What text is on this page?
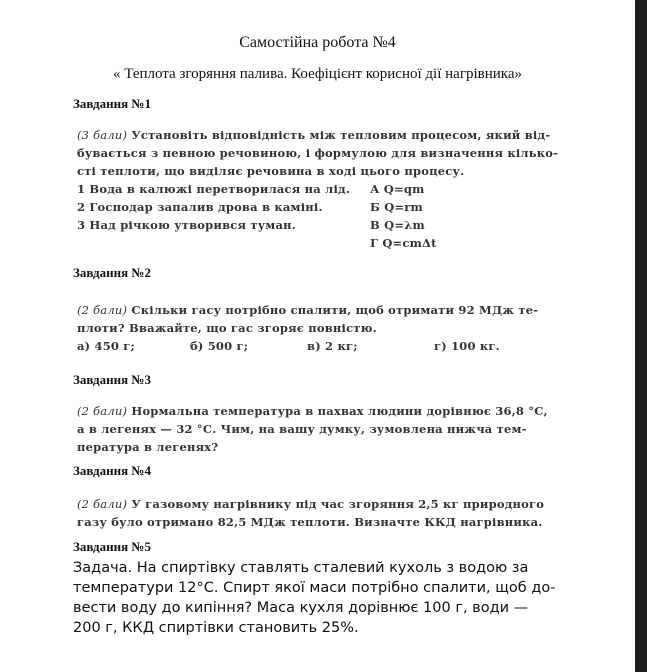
Самостійна робота №4
« Теплота згоряння палива. Коефіцієнт корисної дії нагрівника»
Завдання №1
(3 бали) Установіть відповідність між тепловим процесом, який від-
бувається з певною речовиною, і формулою для визначення кілько-
сті теплоти, що виділяє речовина в ході цього процесу.
1 Вода в калюжі перетворилася на лід.	А Q=qm
2 Господар запалив дрова в каміні.	Б Q=rm
3 Над річкою утворився туман.	В Q=λm
Г Q=cmΔt
Завдання №2
(2 бали) Скільки гасу потрібно спалити, щоб отримати 92 МДж те-
плоти? Вважайте, що гас згоряє повністю.
а) 450 г;	б) 500 г;	в) 2 кг;	г) 100 кг.
Завдання №3
(2 бали) Нормальна температура в пахвах людини дорівнює 36,8 °С,
а в легенях — 32 °С. Чим, на вашу думку, зумовлена нижча тем-
пература в легенях?
Завдання №4
(2 бали) У газовому нагрівнику під час згоряння 2,5 кг природного
газу було отримано 82,5 МДж теплоти. Визначте ККД нагрівника.
Завдання №5
Задача. На спиртівку ставлять сталевий кухоль з водою за
температури 12°С. Спирт якої маси потрібно спалити, щоб до-
вести воду до кипіння? Маса кухля дорівнює 100 г, води —
200 г, ККД спиртівки становить 25%.
